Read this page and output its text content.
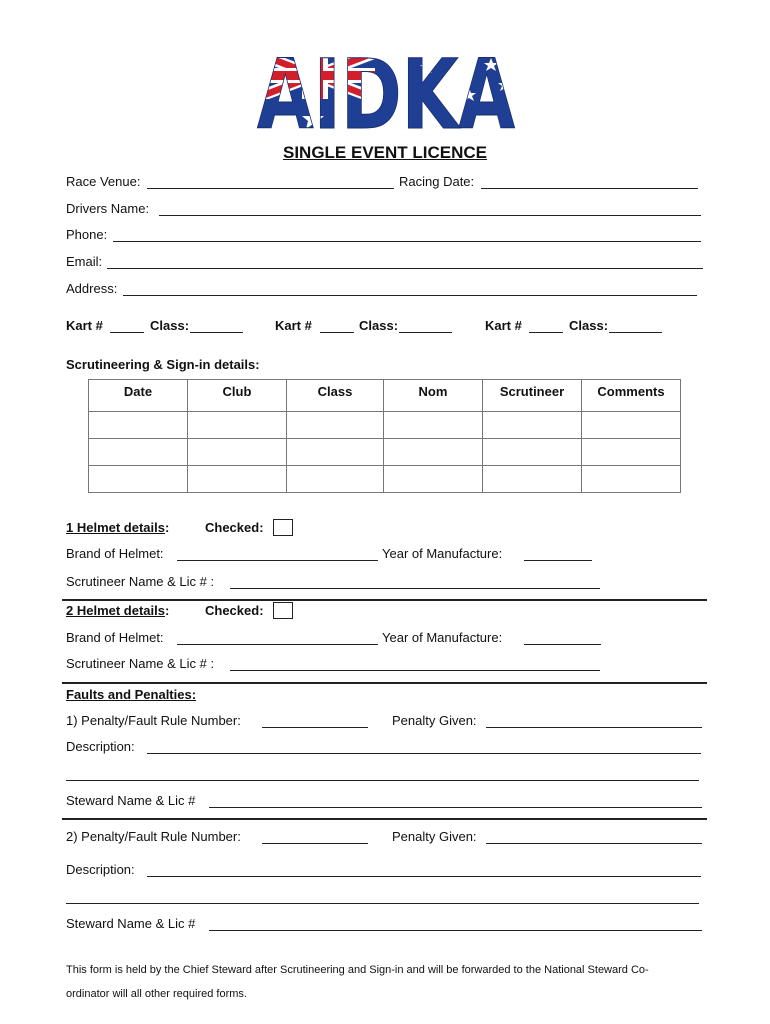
AIDKA
SINGLE EVENT LICENCE
Race Venue:	Racing Date:
Drivers Name:
Phone:
Email:
Address:
Kart #	Class:	Kart #	Class:	Kart #	Class:
Scrutineering & Sign-in details:
Date	Club	Class	Nom	Scrutineer	Comments

1 Helmet details:	Checked:
Brand of Helmet:	Year of Manufacture:
Scrutineer Name & Lic # :
2 Helmet details:	Checked:
Brand of Helmet:	Year of Manufacture:
Scrutineer Name & Lic # :
Faults and Penalties:
1) Penalty/Fault Rule Number:	Penalty Given:
Description:
Steward Name & Lic #
2) Penalty/Fault Rule Number:	Penalty Given:
Description:
Steward Name & Lic #
This form is held by the Chief Steward after Scrutineering and Sign-in and will be forwarded to the National Steward Co-
ordinator will all other required forms.
